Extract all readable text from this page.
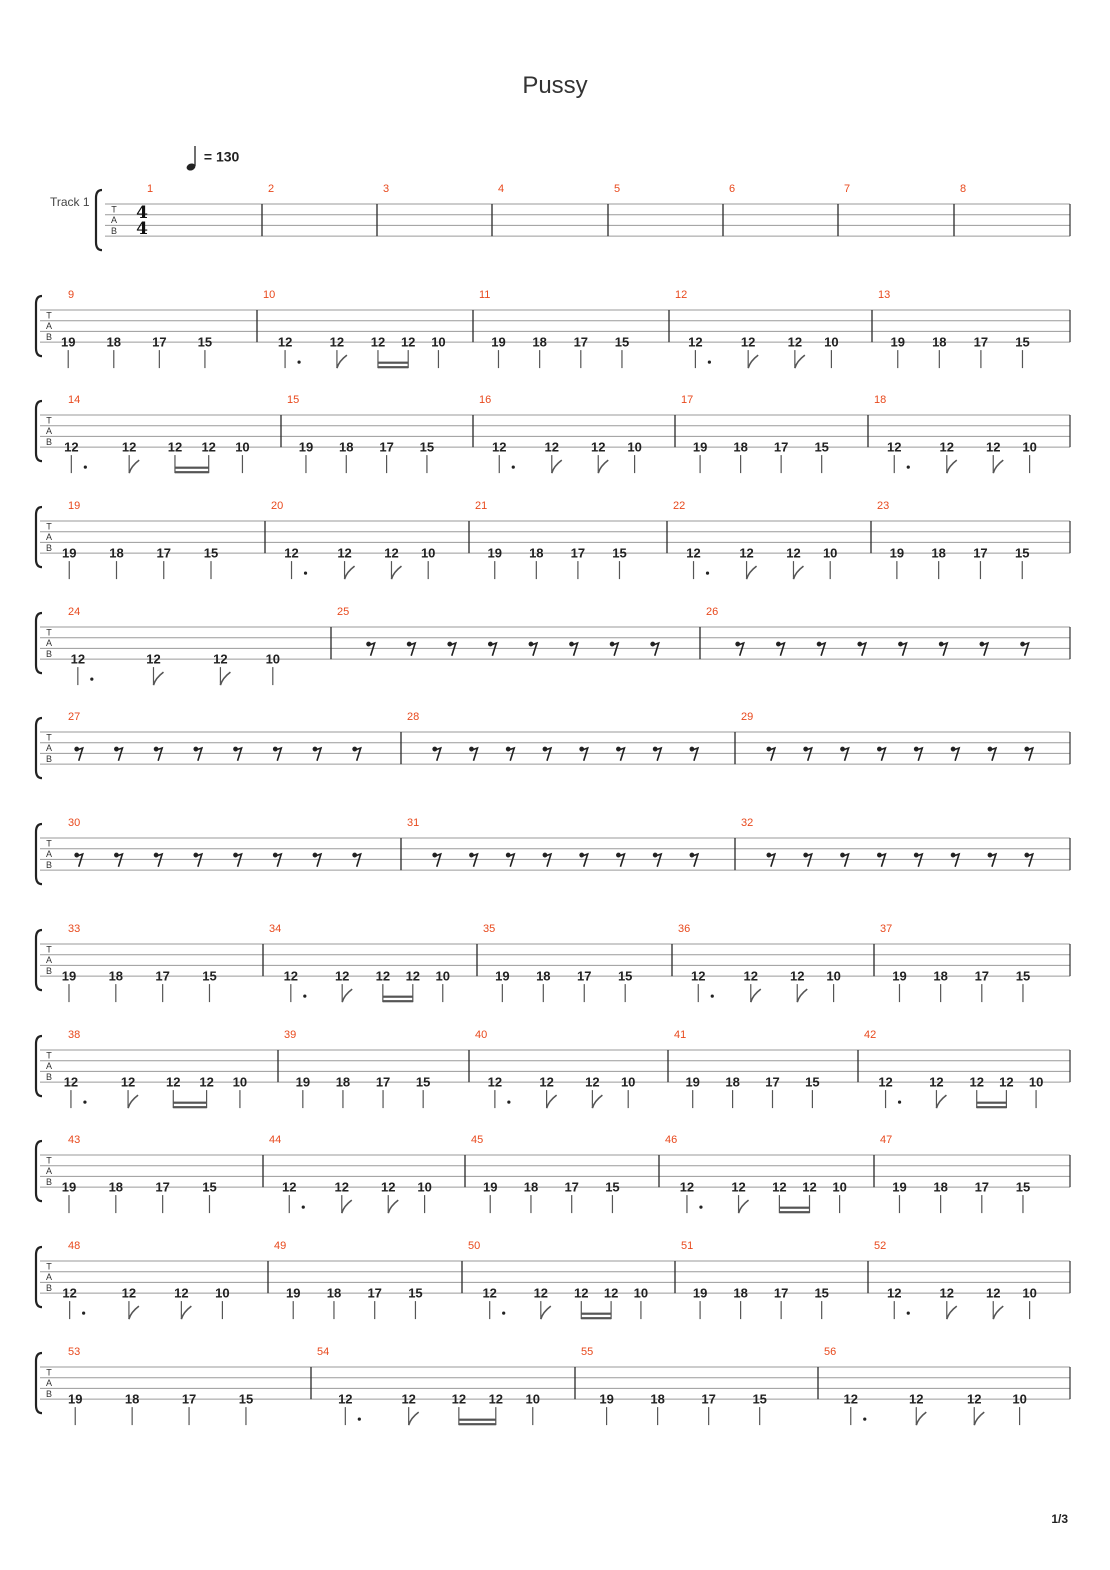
Pussy
= 130
Track 1
T
A
B
4
4
1	2	3	4	5	6	7	8
T
A
B
9
19 18 17 15
10
12	12 12 12 10
11
19 18 17 15
12
12	12 12 10
13
19 18 17 15
T
A
B
14
12	12 12 12 10
15
19 18 17 15
16
12	12 12 10
17
19 18 17 15
18
12	12 12 10
T
A
B
19
19	18	17	15
20
12	12 12 10
21
19 18 17 15
22
12	12 12 10
23
19 18 17 15
T
A
B
24
12	12	12	10
25	26
T
A
B
27	28	29
T
A
B
30	31	32
T
A
B
33
19 18 17 15
34
12	12 12 12 10
35
19 18 17 15
36
12	12 12 10
37
19 18 17 15
T
A
B
38
12	12 12 12 10
39
19 18 17 15
40
12	12 12 10
41
19 18 17 15
42
12	12 12 12 10
T
A
B
43
19 18 17 15
44
12	12 12 10
45
19 18 17 15
46
12	12 12 12 10
47
19 18 17 15
T
A
B
48
12	12	12 10
49
19 18 17 15
50
12	12 12 12 10
51
19 18 17 15
52
12	12 12 10
T
A
B
53
19	18	17	15
54
12	12	12 12 10
55
19	18	17	15
56
12	12	12 10
1/3
